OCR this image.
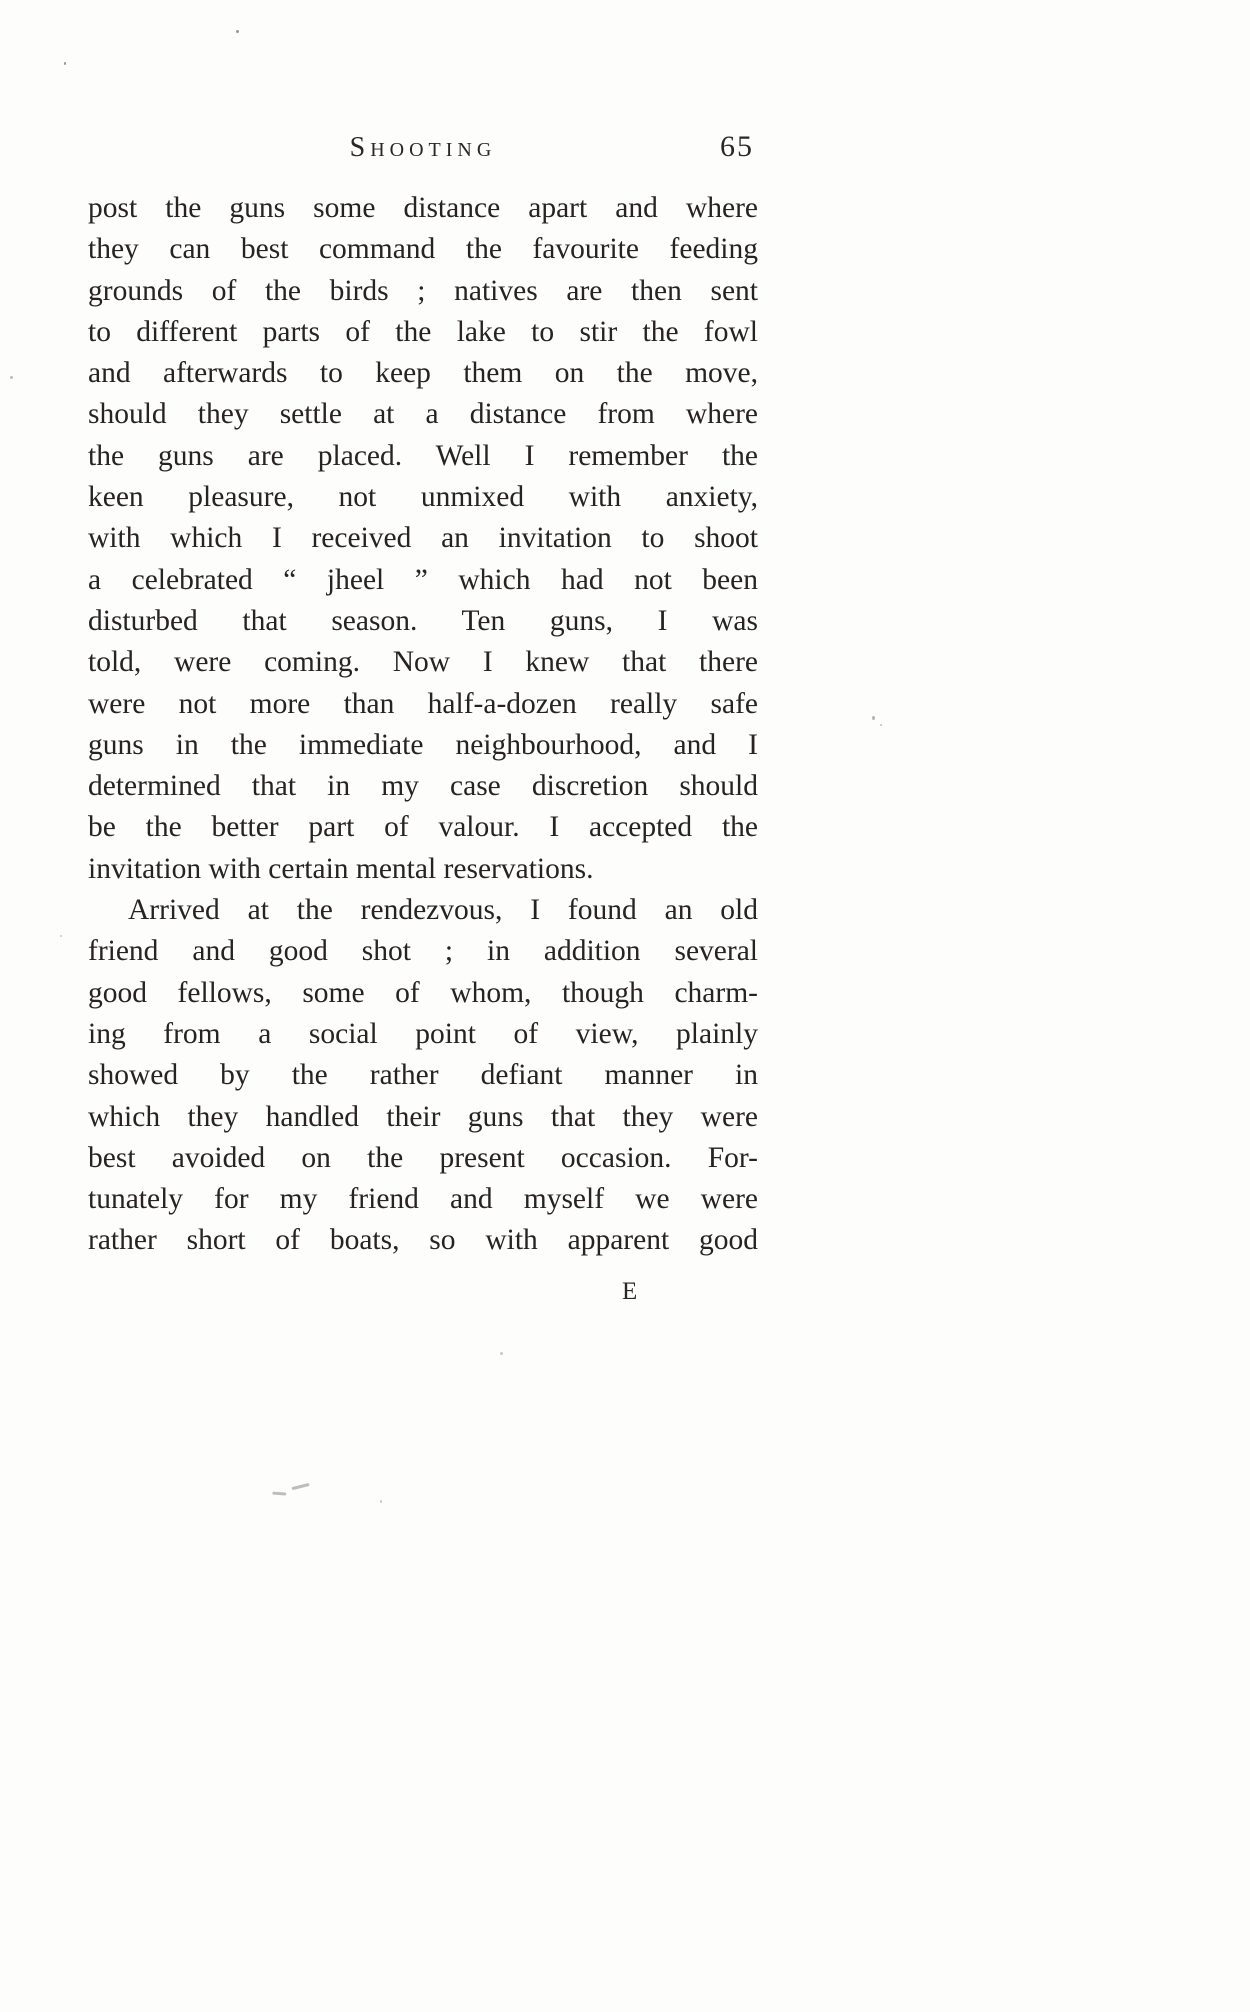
Shooting	65
post the guns some distance apart and where
they can best command the favourite feeding
grounds of the birds ; natives are then sent
to different parts of the lake to stir the fowl
and afterwards to keep them on the move,
should they settle at a distance from where
the guns are placed. Well I remember the
keen pleasure, not unmixed with anxiety,
with which I received an invitation to shoot
a celebrated “ jheel ” which had not been
disturbed that season. Ten guns, I was
told, were coming. Now I knew that there
were not more than half-a-dozen really safe
guns in the immediate neighbourhood, and I
determined that in my case discretion should
be the better part of valour. I accepted the
invitation with certain mental reservations.
Arrived at the rendezvous, I found an old
friend and good shot ; in addition several
good fellows, some of whom, though charm-
ing from a social point of view, plainly
showed by the rather defiant manner in
which they handled their guns that they were
best avoided on the present occasion. For-
tunately for my friend and myself we were
rather short of boats, so with apparent good
E
